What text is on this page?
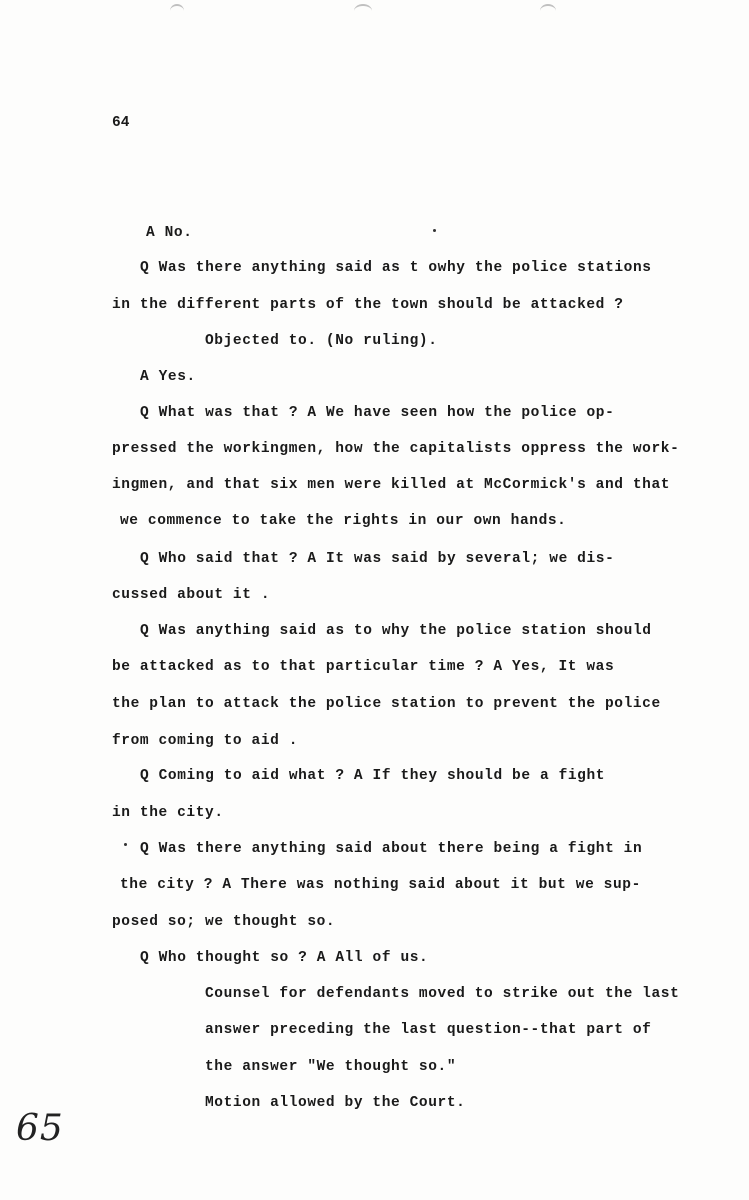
64
A No.
Q Was there anything said as t owhy the police stations
in the different parts of the town should be attacked ?
Objected to. (No ruling).
A Yes.
Q What was that ? A We have seen how the police op-
pressed the workingmen, how the capitalists oppress the work-
ingmen, and that six men were killed at McCormick's and that
we commence to take the rights in our own hands.
Q Who said that ? A It was said by several; we dis-
cussed about it .
Q Was anything said as to why the police station should
be attacked as to that particular time ? A Yes, It was
the plan to attack the police station to prevent the police
from coming to aid .
Q Coming to aid what ? A If they should be a fight
in the city.
Q Was there anything said about there being a fight in
the city ? A There was nothing said about it but we sup-
posed so; we thought so.
Q Who thought so ? A All of us.
Counsel for defendants moved to strike out the last
answer preceding the last question--that part of
the answer "We thought so."
Motion allowed by the Court.
65
